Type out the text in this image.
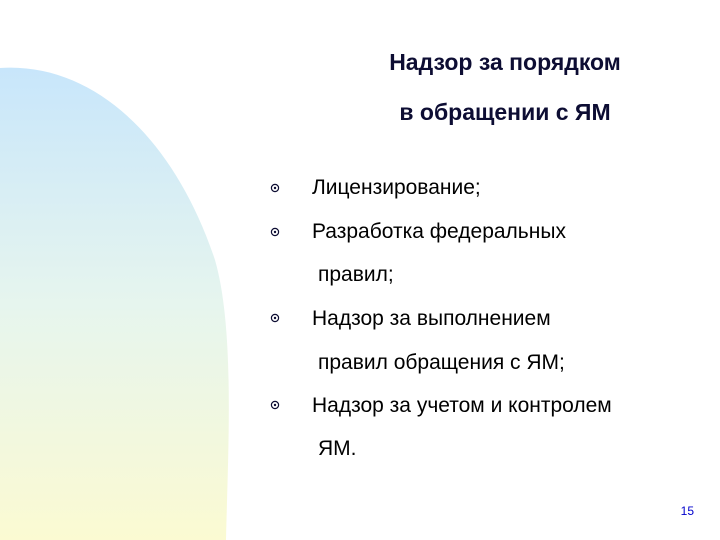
Надзор за порядком
в обращении с ЯМ
Лицензирование;
Разработка федеральных
правил;
Надзор за выполнением
правил обращения с ЯМ;
Надзор за учетом и контролем
ЯМ.
15
